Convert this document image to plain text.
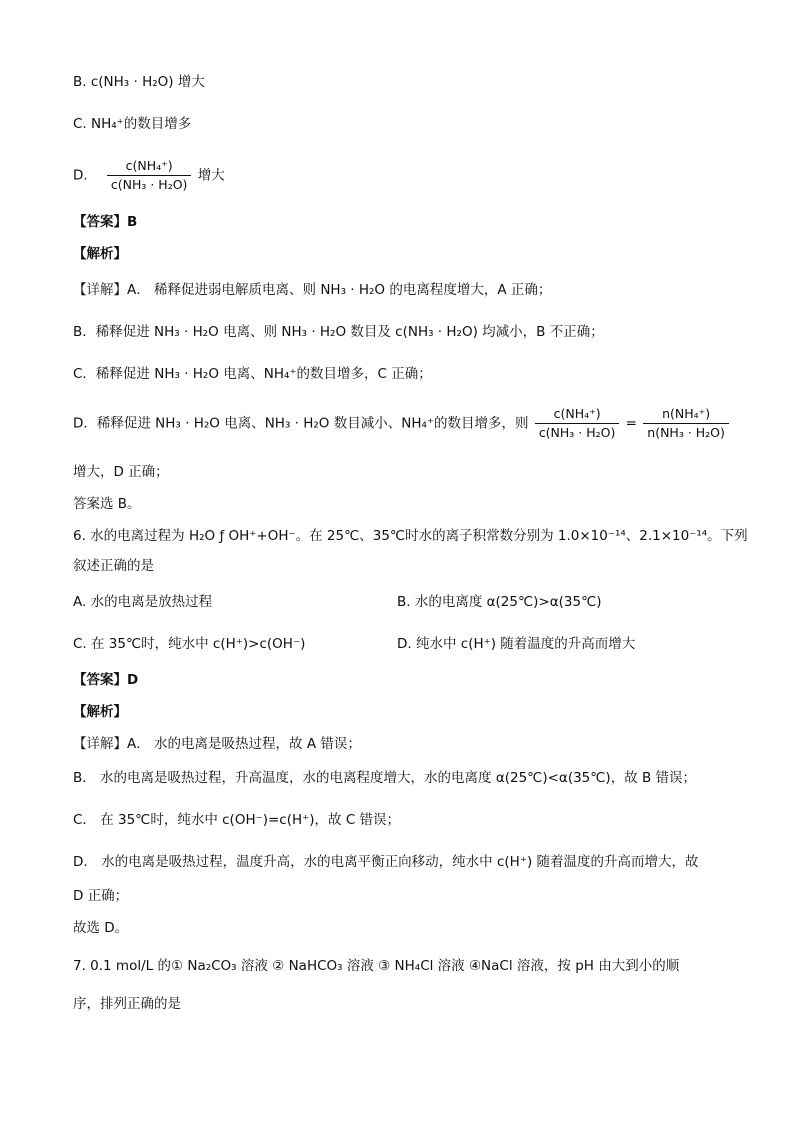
B. c(NH₃ · H₂O) 增大
C. NH₄⁺的数目增多
D. $\frac{\text{c(NH₄⁺)}}{\text{c(NH₃ · H₂O)}}$ 增大
【答案】B
【解析】
【详解】A． 稀释促进弱电解质电离、则 NH₃ · H₂O 的电离程度增大，A 正确；
B．稀释促进 NH₃ · H₂O 电离、则 NH₃ · H₂O 数目及 c(NH₃ · H₂O) 均减小，B 不正确；
C．稀释促进 NH₃ · H₂O 电离、NH₄⁺的数目增多，C 正确；
D．稀释促进 NH₃ · H₂O 电离、NH₃ · H₂O 数目减小、NH₄⁺的数目增多，则 $\frac{\text{c(NH₄⁺)}}{\text{c(NH₃ · H₂O)}} = \frac{\text{n(NH₄⁺)}}{\text{n(NH₃ · H₂O)}}$
增大，D 正确；
答案选 B。
6. 水的电离过程为 H₂O ƒ OH⁺+OH⁻。在 25℃、35℃时水的离子积常数分别为 1.0×10⁻¹⁴、2.1×10⁻¹⁴。下列
叙述正确的是
A. 水的电离是放热过程	B. 水的电离度 α(25℃)>α(35℃)
C. 在 35℃时，纯水中 c(H⁺)>c(OH⁻)	D. 纯水中 c(H⁺) 随着温度的升高而增大
【答案】D
【解析】
【详解】A． 水的电离是吸热过程，故 A 错误；
B． 水的电离是吸热过程，升高温度，水的电离程度增大，水的电离度 α(25℃)<α(35℃)，故 B 错误；
C． 在 35℃时，纯水中 c(OH⁻)=c(H⁺)，故 C 错误；
D． 水的电离是吸热过程，温度升高，水的电离平衡正向移动，纯水中 c(H⁺) 随着温度的升高而增大，故
D 正确；
故选 D。
7. 0.1 mol/L 的① Na₂CO₃ 溶液 ② NaHCO₃ 溶液 ③ NH₄Cl 溶液 ④NaCl 溶液，按 pH 由大到小的顺
序，排列正确的是
